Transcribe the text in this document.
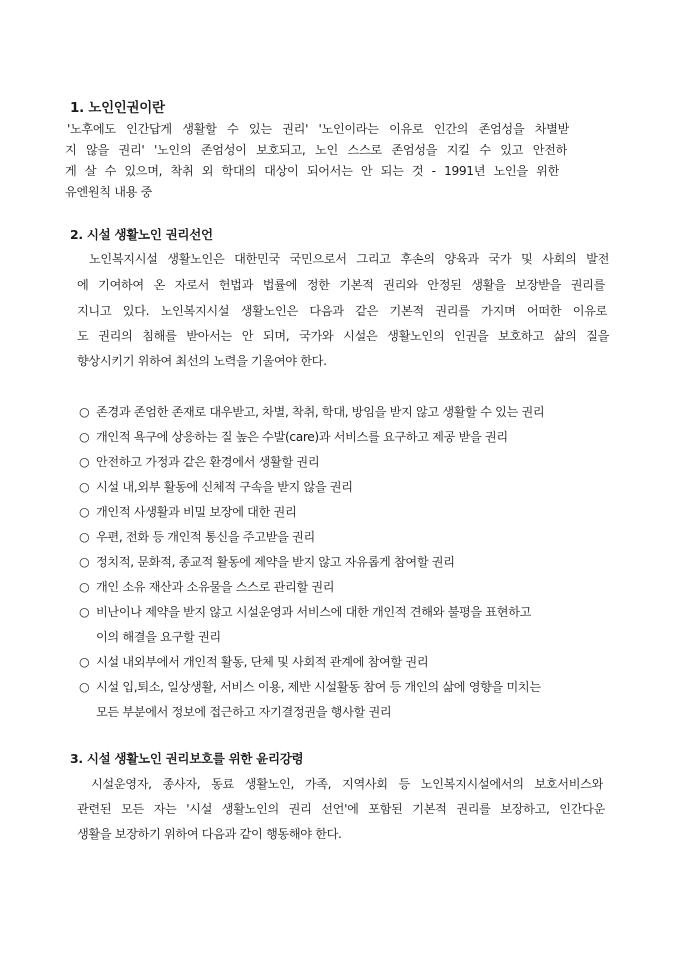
1. 노인인권이란
'노후에도 인간답게 생활할 수 있는 권리' '노인이라는 이유로 인간의 존엄성을 차별받
지 않을 권리' '노인의 존엄성이 보호되고, 노인 스스로 존엄성을 지킬 수 있고 안전하
게 살 수 있으며, 착취 외 학대의 대상이 되어서는 안 되는 것 - 1991년 노인을 위한
유엔원칙 내용 중
2. 시설 생활노인 권리선언
노인복지시설 생활노인은 대한민국 국민으로서 그리고 후손의 양육과 국가 및 사회의 발전
에 기여하여 온 자로서 헌법과 법률에 정한 기본적 권리와 안정된 생활을 보장받을 권리를
지니고 있다. 노인복지시설 생활노인은 다음과 같은 기본적 권리를 가지며 어떠한 이유로
도 권리의 침해를 받아서는 안 되며, 국가와 시설은 생활노인의 인권을 보호하고 삶의 질을
향상시키기 위하여 최선의 노력을 기울여야 한다.
○ 존경과 존엄한 존재로 대우받고, 차별, 착취, 학대, 방임을 받지 않고 생활할 수 있는 권리
○ 개인적 욕구에 상응하는 질 높은 수발(care)과 서비스를 요구하고 제공 받을 권리
○ 안전하고 가정과 같은 환경에서 생활할 권리
○ 시설 내,외부 활동에 신체적 구속을 받지 않을 권리
○ 개인적 사생활과 비밀 보장에 대한 권리
○ 우편, 전화 등 개인적 통신을 주고받을 권리
○ 정치적, 문화적, 종교적 활동에 제약을 받지 않고 자유롭게 참여할 권리
○ 개인 소유 재산과 소유물을 스스로 관리할 권리
○ 비난이나 제약을 받지 않고 시설운영과 서비스에 대한 개인적 견해와 불평을 표현하고
이의 해결을 요구할 권리
○ 시설 내외부에서 개인적 활동, 단체 및 사회적 관계에 참여할 권리
○ 시설 입,퇴소, 일상생활, 서비스 이용, 제반 시설활동 참여 등 개인의 삶에 영향을 미치는
모든 부분에서 정보에 접근하고 자기결정권을 행사할 권리
3. 시설 생활노인 권리보호를 위한 윤리강령
시설운영자, 종사자, 동료 생활노인, 가족, 지역사회 등 노인복지시설에서의 보호서비스와
관련된 모든 자는 '시설 생활노인의 권리 선언'에 포함된 기본적 권리를 보장하고, 인간다운
생활을 보장하기 위하여 다음과 같이 행동해야 한다.
